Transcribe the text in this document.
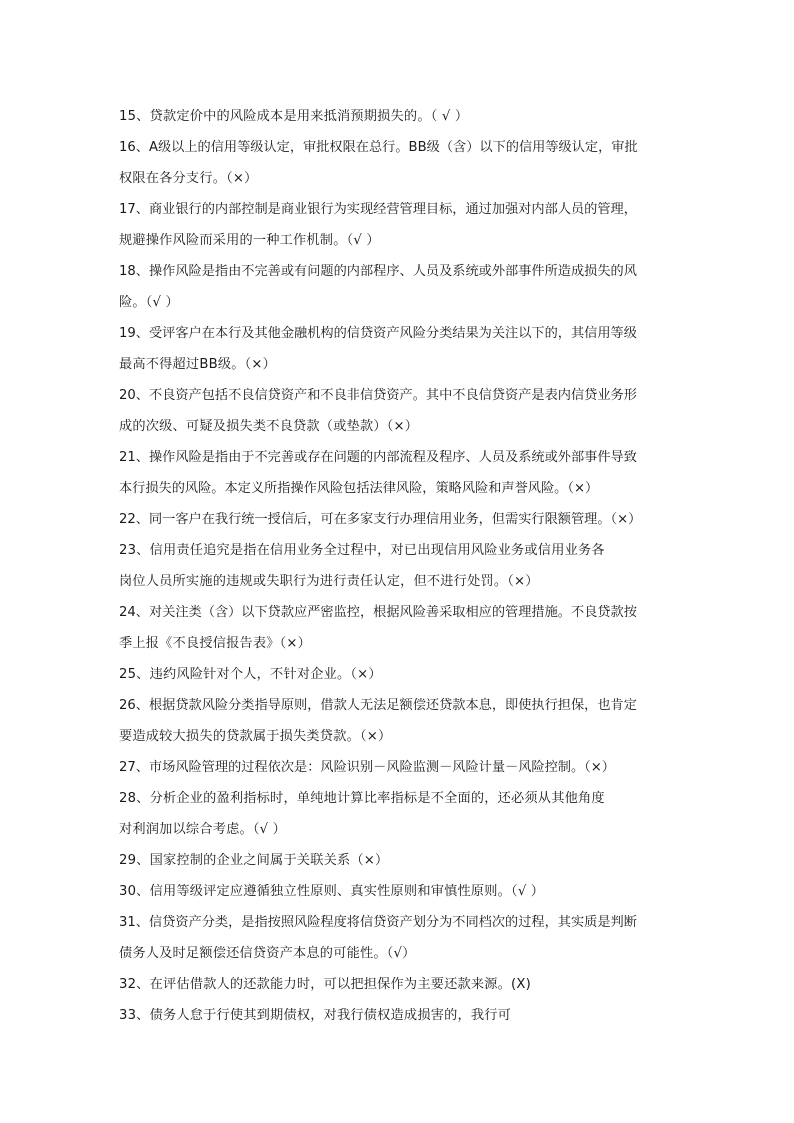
15、贷款定价中的风险成本是用来抵消预期损失的。（ √ ）
16、A级以上的信用等级认定，审批权限在总行。BB级（含）以下的信用等级认定，审批
权限在各分支行。（×）
17、商业银行的内部控制是商业银行为实现经营管理目标，通过加强对内部人员的管理，
规避操作风险而采用的一种工作机制。（√ ）
18、操作风险是指由不完善或有问题的内部程序、人员及系统或外部事件所造成损失的风
险。（√ ）
19、受评客户在本行及其他金融机构的信贷资产风险分类结果为关注以下的，其信用等级
最高不得超过BB级。（×）
20、不良资产包括不良信贷资产和不良非信贷资产。其中不良信贷资产是表内信贷业务形
成的次级、可疑及损失类不良贷款（或垫款）（×）
21、操作风险是指由于不完善或存在问题的内部流程及程序、人员及系统或外部事件导致
本行损失的风险。本定义所指操作风险包括法律风险，策略风险和声誉风险。（×）
22、同一客户在我行统一授信后，可在多家支行办理信用业务，但需实行限额管理。（×）
23、信用责任追究是指在信用业务全过程中，对已出现信用风险业务或信用业务各
岗位人员所实施的违规或失职行为进行责任认定，但不进行处罚。（×）
24、对关注类（含）以下贷款应严密监控，根据风险善采取相应的管理措施。不良贷款按
季上报《不良授信报告表》（×）
25、违约风险针对个人，不针对企业。（×）
26、根据贷款风险分类指导原则，借款人无法足额偿还贷款本息，即使执行担保，也肯定
要造成较大损失的贷款属于损失类贷款。（×）
27、市场风险管理的过程依次是：风险识别－风险监测－风险计量－风险控制。（×）
28、分析企业的盈利指标时，单纯地计算比率指标是不全面的，还必须从其他角度
对利润加以综合考虑。（√ ）
29、国家控制的企业之间属于关联关系（×）
30、信用等级评定应遵循独立性原则、真实性原则和审慎性原则。（√ ）
31、信贷资产分类，是指按照风险程度将信贷资产划分为不同档次的过程，其实质是判断
债务人及时足额偿还信贷资产本息的可能性。（√）
32、在评估借款人的还款能力时，可以把担保作为主要还款来源。(X)
33、债务人怠于行使其到期债权，对我行债权造成损害的，我行可
